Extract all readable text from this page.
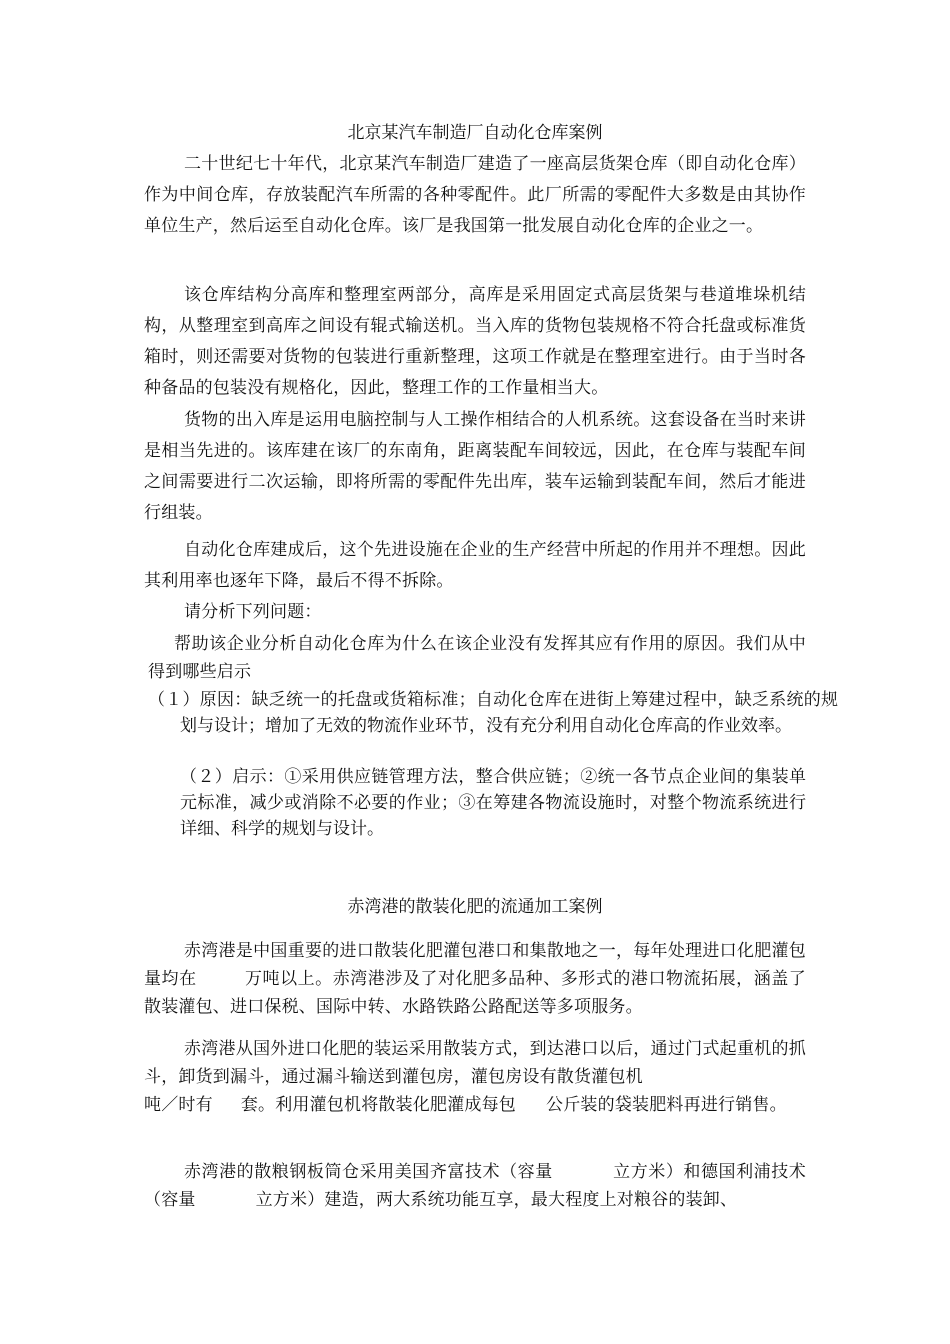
北京某汽车制造厂自动化仓库案例

二十世纪七十年代，北京某汽车制造厂建造了一座高层货架仓库（即自动化仓库）作为中间仓库，存放装配汽车所需的各种零配件。此厂所需的零配件大多数是由其协作单位生产，然后运至自动化仓库。该厂是我国第一批发展自动化仓库的企业之一。

该仓库结构分高库和整理室两部分，高库是采用固定式高层货架与巷道堆垛机结构，从整理室到高库之间设有辊式输送机。当入库的货物包装规格不符合托盘或标准货箱时，则还需要对货物的包装进行重新整理，这项工作就是在整理室进行。由于当时各种备品的包装没有规格化，因此，整理工作的工作量相当大。

货物的出入库是运用电脑控制与人工操作相结合的人机系统。这套设备在当时来讲是相当先进的。该库建在该厂的东南角，距离装配车间较远，因此，在仓库与装配车间之间需要进行二次运输，即将所需的零配件先出库，装车运输到装配车间，然后才能进行组装。

自动化仓库建成后，这个先进设施在企业的生产经营中所起的作用并不理想。因此其利用率也逐年下降，最后不得不拆除。

请分析下列问题：

帮助该企业分析自动化仓库为什么在该企业没有发挥其应有作用的原因。我们从中得到哪些启示

（１）原因：缺乏统一的托盘或货箱标准；自动化仓库在进街上筹建过程中，缺乏系统的规划与设计；增加了无效的物流作业环节，没有充分利用自动化仓库高的作业效率。

（２）启示：①采用供应链管理方法，整合供应链；②统一各节点企业间的集装单元标准，减少或消除不必要的作业；③在筹建各物流设施时，对整个物流系统进行详细、科学的规划与设计。

赤湾港的散装化肥的流通加工案例

赤湾港是中国重要的进口散装化肥灌包港口和集散地之一，每年处理进口化肥灌包量均在	万吨以上。赤湾港涉及了对化肥多品种、多形式的港口物流拓展，涵盖了散装灌包、进口保税、国际中转、水路铁路公路配送等多项服务。

赤湾港从国外进口化肥的装运采用散装方式，到达港口以后，通过门式起重机的抓斗，卸货到漏斗，通过漏斗输送到灌包房，灌包房设有散货灌包机
吨／时有 套。利用灌包机将散装化肥灌成每包 公斤装的袋装肥料再进行销售。

赤湾港的散粮钢板筒仓采用美国齐富技术（容量	立方米）和德国利浦技术（容量	立方米）建造，两大系统功能互享，最大程度上对粮谷的装卸、
